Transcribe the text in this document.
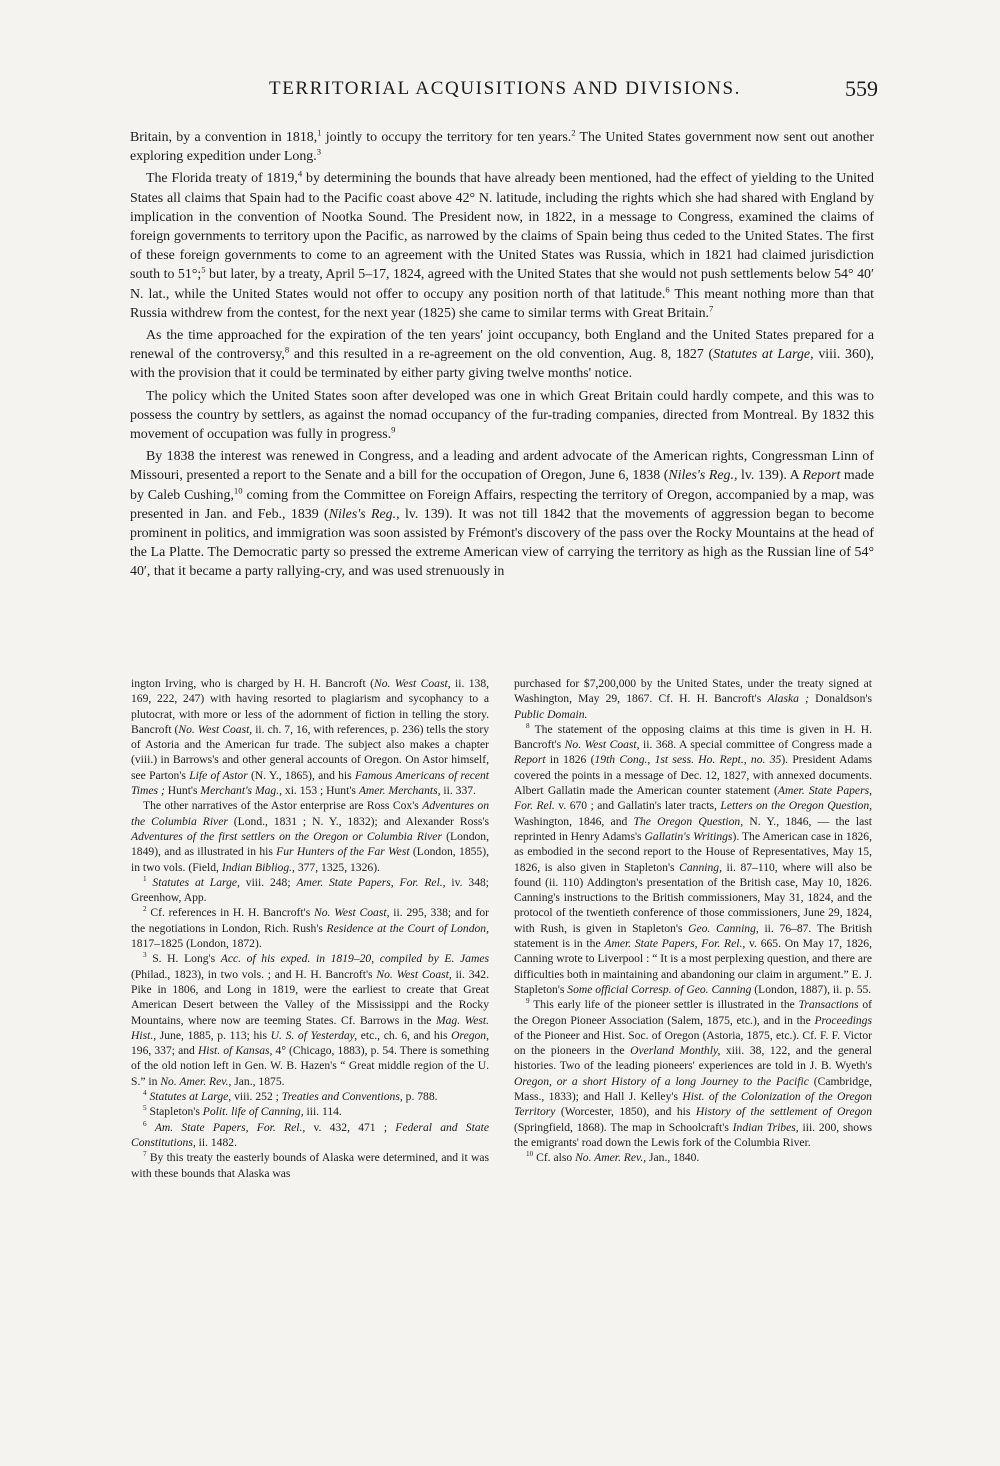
TERRITORIAL ACQUISITIONS AND DIVISIONS.	559

Britain, by a convention in 1818,$^1$ jointly to occupy the territory for ten years.$^2$ The United States government now sent out another exploring expedition under Long.$^3$

The Florida treaty of 1819,$^4$ by determining the bounds that have already been mentioned, had the effect of yielding to the United States all claims that Spain had to the Pacific coast above 42° N. latitude, including the rights which she had shared with England by implication in the convention of Nootka Sound. The President now, in 1822, in a message to Congress, examined the claims of foreign governments to territory upon the Pacific, as narrowed by the claims of Spain being thus ceded to the United States. The first of these foreign governments to come to an agreement with the United States was Russia, which in 1821 had claimed jurisdiction south to 51°;$^5$ but later, by a treaty, April 5–17, 1824, agreed with the United States that she would not push settlements below 54° 40′ N. lat., while the United States would not offer to occupy any position north of that latitude.$^6$ This meant nothing more than that Russia withdrew from the contest, for the next year (1825) she came to similar terms with Great Britain.$^7$

As the time approached for the expiration of the ten years' joint occupancy, both England and the United States prepared for a renewal of the controversy,$^8$ and this resulted in a re-agreement on the old convention, Aug. 8, 1827 (Statutes at Large, viii. 360), with the provision that it could be terminated by either party giving twelve months' notice.

The policy which the United States soon after developed was one in which Great Britain could hardly compete, and this was to possess the country by settlers, as against the nomad occupancy of the fur-trading companies, directed from Montreal. By 1832 this movement of occupation was fully in progress.$^9$

By 1838 the interest was renewed in Congress, and a leading and ardent advocate of the American rights, Congressman Linn of Missouri, presented a report to the Senate and a bill for the occupation of Oregon, June 6, 1838 (Niles's Reg., lv. 139). A Report made by Caleb Cushing,$^{10}$ coming from the Committee on Foreign Affairs, respecting the territory of Oregon, accompanied by a map, was presented in Jan. and Feb., 1839 (Niles's Reg., lv. 139). It was not till 1842 that the movements of aggression began to become prominent in politics, and immigration was soon assisted by Frémont's discovery of the pass over the Rocky Mountains at the head of the La Platte. The Democratic party so pressed the extreme American view of carrying the territory as high as the Russian line of 54° 40′, that it became a party rallying-cry, and was used strenuously in

ington Irving, who is charged by H. H. Bancroft (No. West Coast, ii. 138, 169, 222, 247) with having resorted to plagiarism and sycophancy to a plutocrat, with more or less of the adornment of fiction in telling the story. Bancroft (No. West Coast, ii. ch. 7, 16, with references, p. 236) tells the story of Astoria and the American fur trade. The subject also makes a chapter (viii.) in Barrows's and other general accounts of Oregon. On Astor himself, see Parton's Life of Astor (N. Y., 1865), and his Famous Americans of recent Times ; Hunt's Merchant's Mag., xi. 153 ; Hunt's Amer. Merchants, ii. 337.

The other narratives of the Astor enterprise are Ross Cox's Adventures on the Columbia River (Lond., 1831 ; N. Y., 1832); and Alexander Ross's Adventures of the first settlers on the Oregon or Columbia River (London, 1849), and as illustrated in his Fur Hunters of the Far West (London, 1855), in two vols. (Field, Indian Bibliog., 377, 1325, 1326).

$^1$ Statutes at Large, viii. 248; Amer. State Papers, For. Rel., iv. 348; Greenhow, App.

$^2$ Cf. references in H. H. Bancroft's No. West Coast, ii. 295, 338; and for the negotiations in London, Rich. Rush's Residence at the Court of London, 1817–1825 (London, 1872).

$^3$ S. H. Long's Acc. of his exped. in 1819–20, compiled by E. James (Philad., 1823), in two vols. ; and H. H. Bancroft's No. West Coast, ii. 342. Pike in 1806, and Long in 1819, were the earliest to create that Great American Desert between the Valley of the Mississippi and the Rocky Mountains, where now are teeming States. Cf. Barrows in the Mag. West. Hist., June, 1885, p. 113; his U. S. of Yesterday, etc., ch. 6, and his Oregon, 196, 337; and Hist. of Kansas, 4° (Chicago, 1883), p. 54. There is something of the old notion left in Gen. W. B. Hazen's “ Great middle region of the U. S.” in No. Amer. Rev., Jan., 1875.

$^4$ Statutes at Large, viii. 252 ; Treaties and Conventions, p. 788.

$^5$ Stapleton's Polit. life of Canning, iii. 114.

$^6$ Am. State Papers, For. Rel., v. 432, 471 ; Federal and State Constitutions, ii. 1482.

$^7$ By this treaty the easterly bounds of Alaska were determined, and it was with these bounds that Alaska was

purchased for $7,200,000 by the United States, under the treaty signed at Washington, May 29, 1867. Cf. H. H. Bancroft's Alaska ; Donaldson's Public Domain.

$^8$ The statement of the opposing claims at this time is given in H. H. Bancroft's No. West Coast, ii. 368. A special committee of Congress made a Report in 1826 (19th Cong., 1st sess. Ho. Rept., no. 35). President Adams covered the points in a message of Dec. 12, 1827, with annexed documents. Albert Gallatin made the American counter statement (Amer. State Papers, For. Rel. v. 670 ; and Gallatin's later tracts, Letters on the Oregon Question, Washington, 1846, and The Oregon Question, N. Y., 1846, — the last reprinted in Henry Adams's Gallatin's Writings). The American case in 1826, as embodied in the second report to the House of Representatives, May 15, 1826, is also given in Stapleton's Canning, ii. 87–110, where will also be found (ii. 110) Addington's presentation of the British case, May 10, 1826. Canning's instructions to the British commissioners, May 31, 1824, and the protocol of the twentieth conference of those commissioners, June 29, 1824, with Rush, is given in Stapleton's Geo. Canning, ii. 76–87. The British statement is in the Amer. State Papers, For. Rel., v. 665. On May 17, 1826, Canning wrote to Liverpool : “ It is a most perplexing question, and there are difficulties both in maintaining and abandoning our claim in argument.” E. J. Stapleton's Some official Corresp. of Geo. Canning (London, 1887), ii. p. 55.

$^9$ This early life of the pioneer settler is illustrated in the Transactions of the Oregon Pioneer Association (Salem, 1875, etc.), and in the Proceedings of the Pioneer and Hist. Soc. of Oregon (Astoria, 1875, etc.). Cf. F. F. Victor on the pioneers in the Overland Monthly, xiii. 38, 122, and the general histories. Two of the leading pioneers' experiences are told in J. B. Wyeth's Oregon, or a short History of a long Journey to the Pacific (Cambridge, Mass., 1833); and Hall J. Kelley's Hist. of the Colonization of the Oregon Territory (Worcester, 1850), and his History of the settlement of Oregon (Springfield, 1868). The map in Schoolcraft's Indian Tribes, iii. 200, shows the emigrants' road down the Lewis fork of the Columbia River.

$^{10}$ Cf. also No. Amer. Rev., Jan., 1840.
